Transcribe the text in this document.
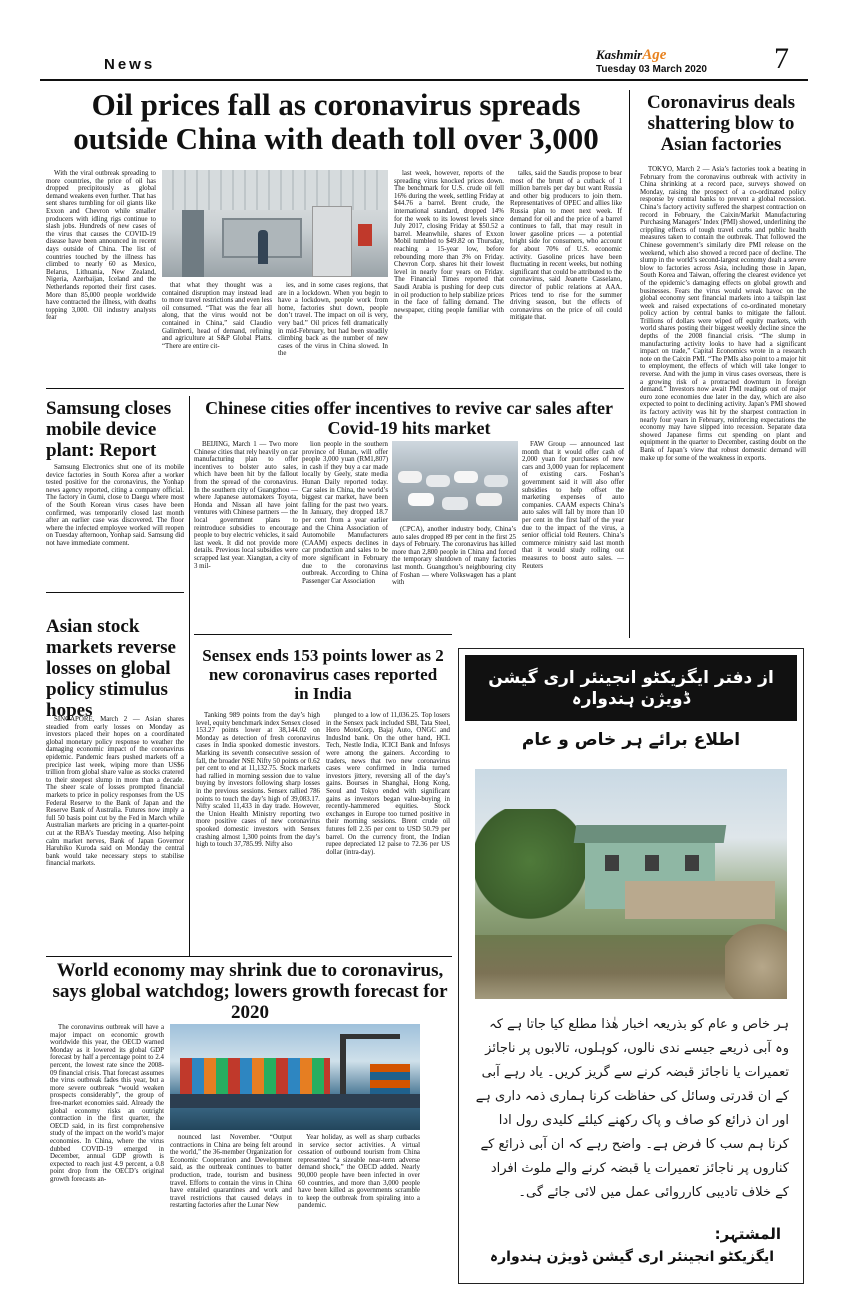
News
KashmirAge
Tuesday 03 March 2020 7
Oil prices fall as coronavirus spreads outside China with death toll over 3,000

With the viral outbreak spreading to more countries, the price of oil has dropped precipitously as global demand weakens even further. That has sent shares tumbling for oil giants like Exxon and Chevron while smaller producers with idling rigs continue to slash jobs. Hundreds of new cases of the virus that causes the COVID-19 disease have been announced in recent days outside of China. The list of countries touched by the illness has climbed to nearly 60 as Mexico, Belarus, Lithuania, New Zealand, Nigeria, Azerbaijan, Iceland and the Netherlands reported their first cases. More than 85,000 people worldwide have contracted the illness, with deaths topping 3,000. Oil industry analysts fear

that what they thought was a contained disruption may instead lead to more travel restrictions and even less oil consumed. “That was the fear all along, that the virus would not be contained in China,” said Claudio Galimberti, head of demand, refining and agriculture at S&P Global Platts. “There are entire cit-

ies, and in some cases regions, that are in a lockdown. When you begin to have a lockdown, people work from home, factories shut down, people don’t travel. The impact on oil is very, very bad.” Oil prices fell dramatically in mid-February, but had been steadily climbing back as the number of new cases of the virus in China slowed. In the

last week, however, reports of the spreading virus knocked prices down. The benchmark for U.S. crude oil fell 16% during the week, settling Friday at $44.76 a barrel. Brent crude, the international standard, dropped 14% for the week to its lowest levels since July 2017, closing Friday at $50.52 a barrel. Meanwhile, shares of Exxon Mobil tumbled to $49.82 on Thursday, reaching a 15-year low, before rebounding more than 3% on Friday. Chevron Corp. shares hit their lowest level in nearly four years on Friday. The Financial Times reported that Saudi Arabia is pushing for deep cuts in oil production to help stabilize prices in the face of falling demand. The newspaper, citing people familiar with the

talks, said the Saudis propose to bear most of the brunt of a cutback of 1 million barrels per day but want Russia and other big producers to join them. Representatives of OPEC and allies like Russia plan to meet next week. If demand for oil and the price of a barrel continues to fall, that may result in lower gasoline prices — a potential bright side for consumers, who account for about 70% of U.S. economic activity. Gasoline prices have been fluctuating in recent weeks, but nothing significant that could be attributed to the coronavirus, said Jeanette Casselano, director of public relations at AAA. Prices tend to rise for the summer driving season, but the effects of coronavirus on the price of oil could mitigate that.

Coronavirus deals shattering blow to Asian factories

TOKYO, March 2 — Asia’s factories took a beating in February from the coronavirus outbreak with activity in China shrinking at a record pace, surveys showed on Monday, raising the prospect of a co-ordinated policy response by central banks to prevent a global recession. China’s factory activity suffered the sharpest contraction on record in February, the Caixin/Markit Manufacturing Purchasing Managers’ Index (PMI) showed, underlining the crippling effects of tough travel curbs and public health measures taken to contain the outbreak. That followed the Chinese government’s similarly dire PMI release on the weekend, which also showed a record pace of decline. The slump in the world’s second-largest economy dealt a severe blow to factories across Asia, including those in Japan, South Korea and Taiwan, offering the clearest evidence yet of the epidemic’s damaging effects on global growth and businesses. Fears the virus would wreak havoc on the global economy sent financial markets into a tailspin last week and raised expectations of co-ordinated monetary policy action by central banks to mitigate the fallout. Trillions of dollars were wiped off equity markets, with world shares posting their biggest weekly decline since the depths of the 2008 financial crisis. “The slump in manufacturing activity looks to have had a significant impact on trade,” Capital Economics wrote in a research note on the Caixin PMI. “The PMIs also point to a major hit to employment, the effects of which will take longer to reverse. And with the jump in virus cases overseas, there is a growing risk of a protracted downturn in foreign demand.” Investors now await PMI readings out of major euro zone economies due later in the day, which are also expected to point to declining activity. Japan’s PMI showed its factory activity was hit by the sharpest contraction in nearly four years in February, reinforcing expectations the economy may have slipped into recession. Separate data showed Japanese firms cut spending on plant and equipment in the quarter to December, casting doubt on the Bank of Japan’s view that robust domestic demand will make up for some of the weakness in exports.

Samsung closes mobile device plant: Report

Samsung Electronics shut one of its mobile device factories in South Korea after a worker tested positive for the coronavirus, the Yonhap news agency reported, citing a company official. The factory in Gumi, close to Daegu where most of the South Korean virus cases have been confirmed, was temporarily closed last month after an earlier case was discovered. The floor where the infected employee worked will reopen on Tuesday afternoon, Yonhap said. Samsung did not have immediate comment.

Chinese cities offer incentives to revive car sales after Covid-19 hits market

BEIJING, March 1 — Two more Chinese cities that rely heavily on car manufacturing plan to offer incentives to bolster auto sales, which have been hit by the fallout from the spread of the coronavirus. In the southern city of Guangzhou — where Japanese automakers Toyota, Honda and Nissan all have joint ventures with Chinese partners — the local government plans to reintroduce subsidies to encourage people to buy electric vehicles, it said last week. It did not provide more details. Previous local subsidies were scrapped last year. Xiangtan, a city of 3 mil-

lion people in the southern province of Hunan, will offer people 3,000 yuan (RM1,807) in cash if they buy a car made locally by Geely, state media Hunan Daily reported today. Car sales in China, the world’s biggest car market, have been falling for the past two years. In January, they dropped 18.7 per cent from a year earlier and the China Association of Automobile Manufacturers (CAAM) expects declines in car production and sales to be more significant in February due to the coronavirus outbreak. According to China Passenger Car Association

(CPCA), another industry body, China’s auto sales dropped 89 per cent in the first 25 days of February. The coronavirus has killed more than 2,800 people in China and forced the temporary shutdown of many factories last month. Guangzhou’s neighbouring city of Foshan — where Volkswagen has a plant with

FAW Group — announced last month that it would offer cash of 2,000 yuan for purchases of new cars and 3,000 yuan for replacement of existing cars. Foshan’s government said it will also offer subsidies to help offset the marketing expenses of auto companies. CAAM expects China’s auto sales will fall by more than 10 per cent in the first half of the year due to the impact of the virus, a senior official told Reuters. China’s commerce ministry said last month that it would study rolling out measures to boost auto sales. — Reuters

Asian stock markets reverse losses on global policy stimulus hopes

SINGAPORE, March 2 — Asian shares steadied from early losses on Monday as investors placed their hopes on a coordinated global monetary policy response to weather the damaging economic impact of the coronavirus epidemic. Pandemic fears pushed markets off a precipice last week, wiping more than US$6 trillion from global share value as stocks cratered to their steepest slump in more than a decade. The sheer scale of losses prompted financial markets to price in policy responses from the US Federal Reserve to the Bank of Japan and the Reserve Bank of Australia. Futures now imply a full 50 basis point cut by the Fed in March while Australian markets are pricing in a quarter-point cut at the RBA’s Tuesday meeting. Also helping calm market nerves, Bank of Japan Governor Haruhiko Kuroda said on Monday the central bank would take necessary steps to stabilise financial markets.

Sensex ends 153 points lower as 2 new coronavirus cases reported in India

Tanking 989 points from the day’s high level, equity benchmark index Sensex closed 153.27 points lower at 38,144.02 on Monday as detection of fresh coronavirus cases in India spooked domestic investors. Marking its seventh consecutive session of fall, the broader NSE Nifty 50 points or 0.62 per cent to end at 11,132.75. Stock markets had rallied in morning session due to value buying by investors following sharp losses in the previous sessions. Sensex rallied 786 points to touch the day’s high of 39,083.17. Nifty scaled 11,433 in day trade. However, the Union Health Ministry reporting two more positive cases of new coronavirus spooked domestic investors with Sensex crashing almost 1,300 points from the day’s high to touch 37,785.99. Nifty also

plunged to a low of 11,036.25. Top losers in the Sensex pack included SBI, Tata Steel, Hero MotoCorp, Bajaj Auto, ONGC and IndusInd bank. On the other hand, HCL Tech, Nestle India, ICICI Bank and Infosys were among the gainers. According to traders, news that two new coronavirus cases were confirmed in India turned investors jittery, reversing all of the day’s gains. Bourses in Shanghai, Hong Kong, Seoul and Tokyo ended with significant gains as investors began value-buying in recently-hammered equities. Stock exchanges in Europe too turned positive in their morning sessions. Brent crude oil futures fell 2.35 per cent to USD 50.79 per barrel. On the currency front, the Indian rupee depreciated 12 paise to 72.36 per US dollar (intra-day).

از دفتر ایگزیکٹو انجینئر اری گیشن ڈویژن ہندوارہ
اطلاع برائے ہر خاص و عام
ہر خاص و عام کو بذریعہ اخبار ھٰذا مطلع کیا جاتا ہے کہ وہ آبی ذریعے جیسے ندی نالوں، کوہلوں، تالابوں پر ناجائز تعمیرات یا ناجائز قبضہ کرنے سے گریز کریں۔ یاد رہے آبی کے ان قدرتی وسائل کی حفاظت کرنا ہماری ذمہ داری ہے اور ان ذرائع کو صاف و پاک رکھنے کیلئے کلیدی رول ادا کرنا ہم سب کا فرض ہے۔ واضح رہے کہ ان آبی ذرائع کے کناروں پر ناجائز تعمیرات یا قبضہ کرنے والے ملوث افراد کے خلاف تادیبی کارروائی عمل میں لائی جائے گی۔
المشتہر:
ایگزیکٹو انجینئر اری گیشن ڈویژن ہندوارہ
World economy may shrink due to coronavirus, says global watchdog; lowers growth forecast for 2020

The coronavirus outbreak will have a major impact on economic growth worldwide this year, the OECD warned Monday as it lowered its global GDP forecast by half a percentage point to 2.4 percent, the lowest rate since the 2008-09 financial crisis. That forecast assumes the virus outbreak fades this year, but a more severe outbreak “would weaken prospects considerably”, the group of free-market economies said. Already the global economy risks an outright contraction in the first quarter, the OECD said, in its first comprehensive study of the impact on the world’s major economies. In China, where the virus dubbed COVID-19 emerged in December, annual GDP growth is expected to reach just 4.9 percent, a 0.8 point drop from the OECD’s original growth forecasts an-

nounced last November. “Output contractions in China are being felt around the world,” the 36-member Organization for Economic Cooperation and Development said, as the outbreak continues to batter production, trade, tourism and business travel. Efforts to contain the virus in China have entailed quarantines and work and travel restrictions that caused delays in restarting factories after the Lunar New

Year holiday, as well as sharp cutbacks in service sector activities. A virtual cessation of outbound tourism from China represented “a sizeable near-term adverse demand shock,” the OECD added. Nearly 90,000 people have been infected in over 60 countries, and more than 3,000 people have been killed as governments scramble to keep the outbreak from spiraling into a pandemic.
